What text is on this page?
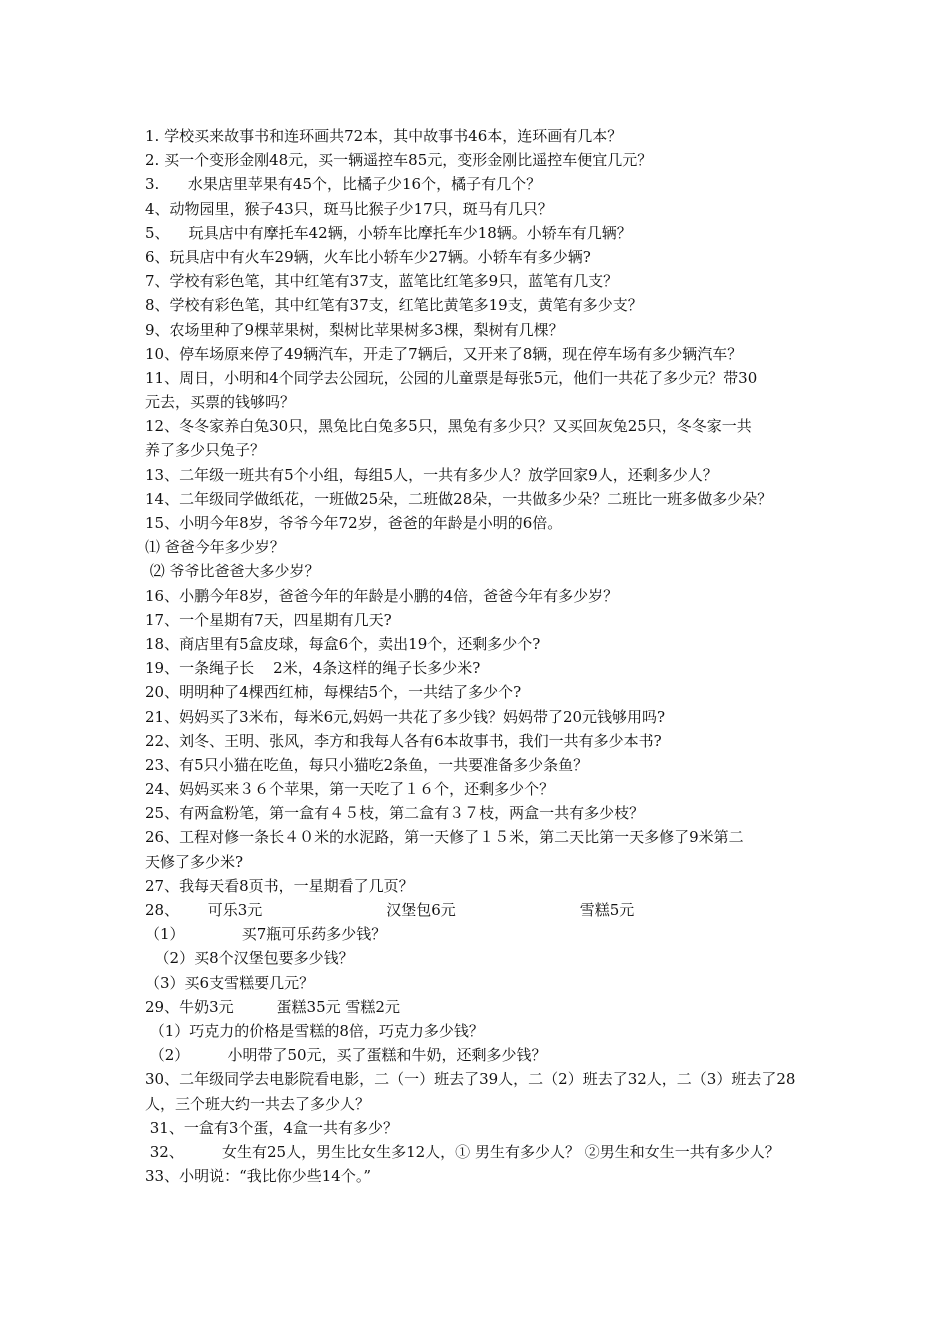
1. 学校买来故事书和连环画共72本，其中故事书46本，连环画有几本？
2. 买一个变形金刚48元，买一辆遥控车85元，变形金刚比遥控车便宜几元？
3.      水果店里苹果有45个，比橘子少16个，橘子有几个？
4、动物园里，猴子43只，斑马比猴子少17只，斑马有几只？
5、    玩具店中有摩托车42辆，小轿车比摩托车少18辆。小轿车有几辆？
6、玩具店中有火车29辆，火车比小轿车少27辆。小轿车有多少辆?
7、学校有彩色笔，其中红笔有37支，蓝笔比红笔多9只，蓝笔有几支？
8、学校有彩色笔，其中红笔有37支，红笔比黄笔多19支，黄笔有多少支？
9、农场里种了9棵苹果树，梨树比苹果树多3棵，梨树有几棵？
10、停车场原来停了49辆汽车，开走了7辆后，又开来了8辆，现在停车场有多少辆汽车？
11、周日，小明和4个同学去公园玩，公园的儿童票是每张5元，他们一共花了多少元？带30
元去，买票的钱够吗？
12、冬冬家养白兔30只，黑兔比白兔多5只，黑兔有多少只？又买回灰兔25只，冬冬家一共
养了多少只兔子？
13、二年级一班共有5个小组，每组5人，一共有多少人？放学回家9人，还剩多少人？
14、二年级同学做纸花，一班做25朵，二班做28朵，一共做多少朵？二班比一班多做多少朵？
15、小明今年8岁，爷爷今年72岁，爸爸的年龄是小明的6倍。
⑴ 爸爸今年多少岁？
⑵ 爷爷比爸爸大多少岁？
16、小鹏今年8岁，爸爸今年的年龄是小鹏的4倍，爸爸今年有多少岁？
17、一个星期有7天，四星期有几天?
18、商店里有5盒皮球，每盒6个，卖出19个，还剩多少个?
19、一条绳子长    2米，4条这样的绳子长多少米?
20、明明种了4棵西红柿，每棵结5个，一共结了多少个?
21、妈妈买了3米布，每米6元,妈妈一共花了多少钱？妈妈带了20元钱够用吗?
22、刘冬、王明、张风，李方和我每人各有6本故事书，我们一共有多少本书?
23、有5只小猫在吃鱼，每只小猫吃2条鱼，一共要准备多少条鱼？
24、妈妈买来３６个苹果，第一天吃了１６个，还剩多少个？
25、有两盒粉笔，第一盒有４５枝，第二盒有３７枝，两盒一共有多少枝？
26、工程对修一条长４０米的水泥路，第一天修了１５米，第二天比第一天多修了9米第二
天修了多少米?
27、我每天看8页书，一星期看了几页？
28、      可乐3元                          汉堡包6元                          雪糕5元
（1）            买7瓶可乐药多少钱？
（2）买8个汉堡包要多少钱？
（3）买6支雪糕要几元？
29、牛奶3元         蛋糕35元 雪糕2元
（1）巧克力的价格是雪糕的8倍，巧克力多少钱？
（2）        小明带了50元，买了蛋糕和牛奶，还剩多少钱？
30、二年级同学去电影院看电影，二（一）班去了39人，二（2）班去了32人，二（3）班去了28
人，三个班大约一共去了多少人？
31、一盒有3个蛋，4盒一共有多少？
32、        女生有25人，男生比女生多12人，① 男生有多少人？ ②男生和女生一共有多少人？
33、小明说：“我比你少些14个。”
